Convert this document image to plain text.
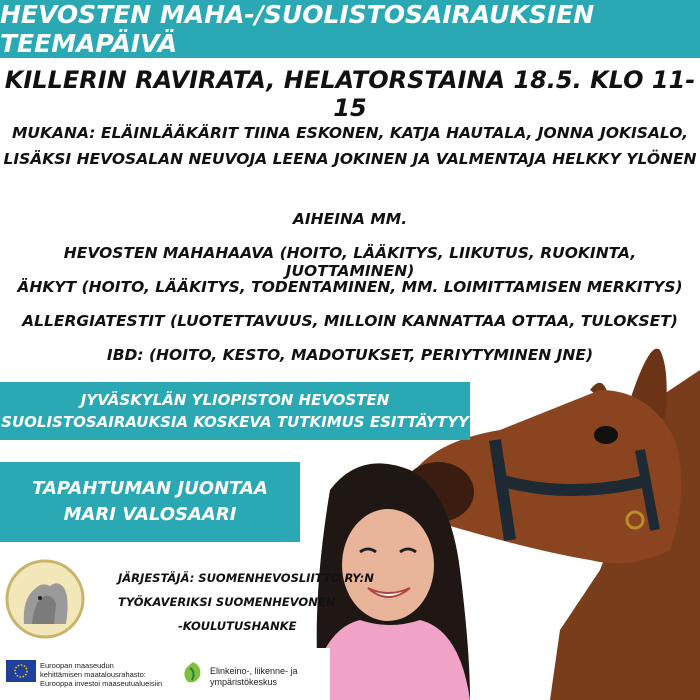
HEVOSTEN MAHA-/SUOLISTOSAIRAUKSIEN TEEMAPÄIVÄ
KILLERIN RAVIRATA, HELATORSTAINA 18.5. KLO 11-15
MUKANA: ELÄINLÄÄKÄRIT TIINA ESKONEN, KATJA HAUTALA, JONNA JOKISALO,
LISÄKSI HEVOSALAN NEUVOJA LEENA JOKINEN JA VALMENTAJA HELKKY YLÖNEN
AIHEINA MM.
HEVOSTEN MAHAHAAVA (HOITO, LÄÄKITYS, LIIKUTUS, RUOKINTA, JUOTTAMINEN)
ÄHKYT (HOITO, LÄÄKITYS, TODENTAMINEN, MM. LOIMITTAMISEN MERKITYS)
ALLERGIATESTIT (LUOTETTAVUUS, MILLOIN KANNATTAA OTTAA, TULOKSET)
IBD: (HOITO, KESTO, MADOTUKSET, PERIYTYMINEN JNE)
JYVÄSKYLÄN YLIOPISTON HEVOSTEN
SUOLISTOSAIRAUKSIA KOSKEVA TUTKIMUS ESITTÄYTYY
TAPAHTUMAN JUONTAA
MARI VALOSAARI
JÄRJESTÄJÄ: SUOMENHEVOSLIITTO RY:N
TYÖKAVERIKSI SUOMENHEVONEN
-KOULUTUSHANKE
Euroopan maaseudun
kehittämisen maatalousrahasto:
Eurooppa investoi maaseutualueisiin
Elinkeino-, liikenne- ja
ympäristökeskus
